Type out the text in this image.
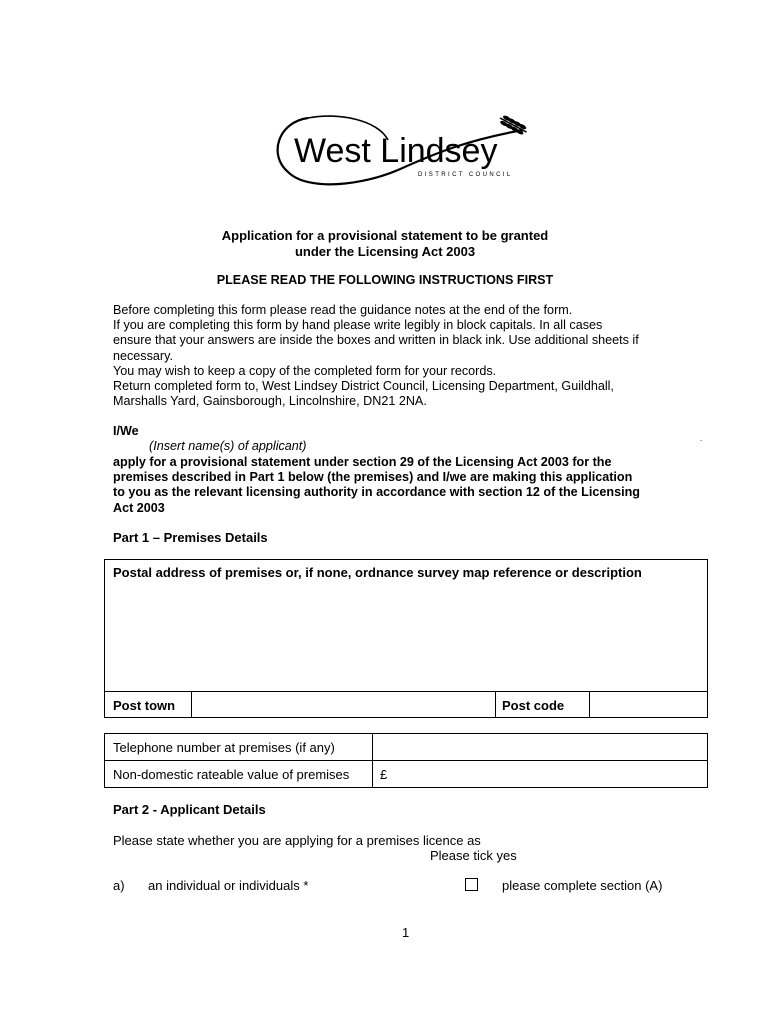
West Lindsey
DISTRICT COUNCIL
Application for a provisional statement to be granted
under the Licensing Act 2003
PLEASE READ THE FOLLOWING INSTRUCTIONS FIRST
Before completing this form please read the guidance notes at the end of the form.
If you are completing this form by hand please write legibly in block capitals. In all cases
ensure that your answers are inside the boxes and written in black ink. Use additional sheets if
necessary.
You may wish to keep a copy of the completed form for your records.
Return completed form to, West Lindsey District Council, Licensing Department, Guildhall,
Marshalls Yard, Gainsborough, Lincolnshire, DN21 2NA.
I/We
(Insert name(s) of applicant)
.
apply for a provisional statement under section 29 of the Licensing Act 2003 for the
premises described in Part 1 below (the premises) and I/we are making this application
to you as the relevant licensing authority in accordance with section 12 of the Licensing
Act 2003
Part 1 – Premises Details
Postal address of premises or, if none, ordnance survey map reference or description
Post town	Post code
Telephone number at premises (if any)
Non-domestic rateable value of premises £
Part 2 - Applicant Details
Please state whether you are applying for a premises licence as
Please tick yes
a) an individual or individuals *	please complete section (A)
1
